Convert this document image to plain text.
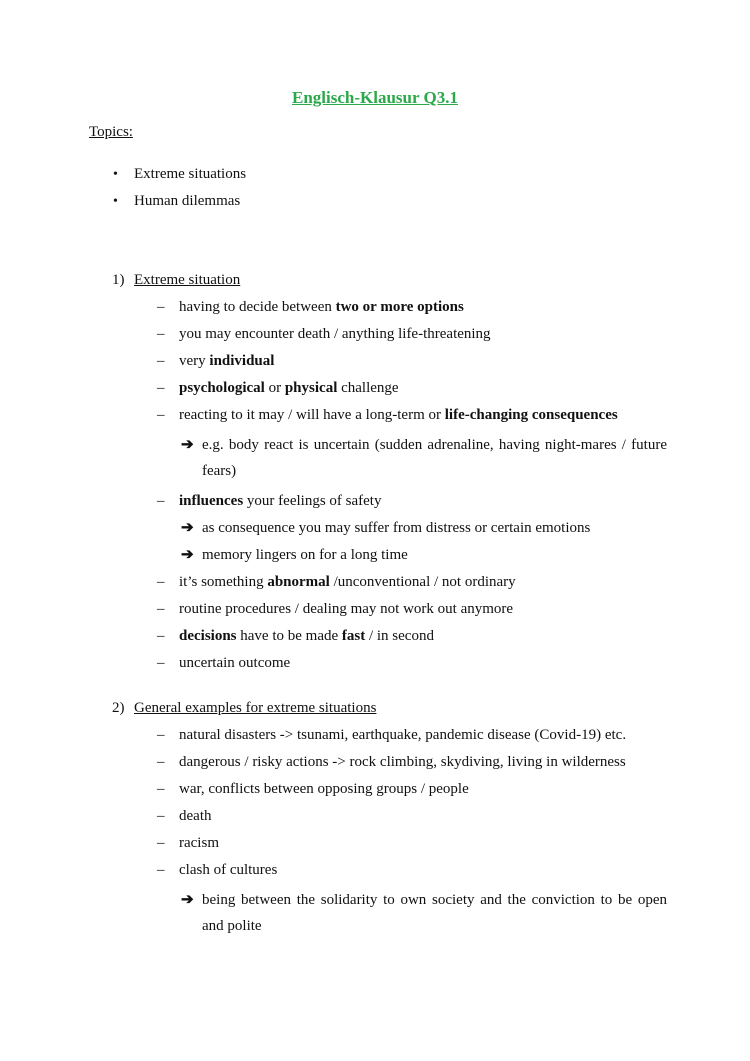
Englisch-Klausur Q3.1
Topics:
• Extreme situations
• Human dilemmas
1) Extreme situation
– having to decide between two or more options
– you may encounter death / anything life-threatening
– very individual
– psychological or physical challenge
– reacting to it may / will have a long-term or life-changing consequences
➔ e.g. body react is uncertain (sudden adrenaline, having night-mares / future fears)
– influences your feelings of safety
➔ as consequence you may suffer from distress or certain emotions
➔ memory lingers on for a long time
– it’s something abnormal /unconventional / not ordinary
– routine procedures / dealing may not work out anymore
– decisions have to be made fast / in second
– uncertain outcome
2) General examples for extreme situations
– natural disasters -> tsunami, earthquake, pandemic disease (Covid-19) etc.
– dangerous / risky actions -> rock climbing, skydiving, living in wilderness
– war, conflicts between opposing groups / people
– death
– racism
– clash of cultures
➔ being between the solidarity to own society and the conviction to be open and polite
